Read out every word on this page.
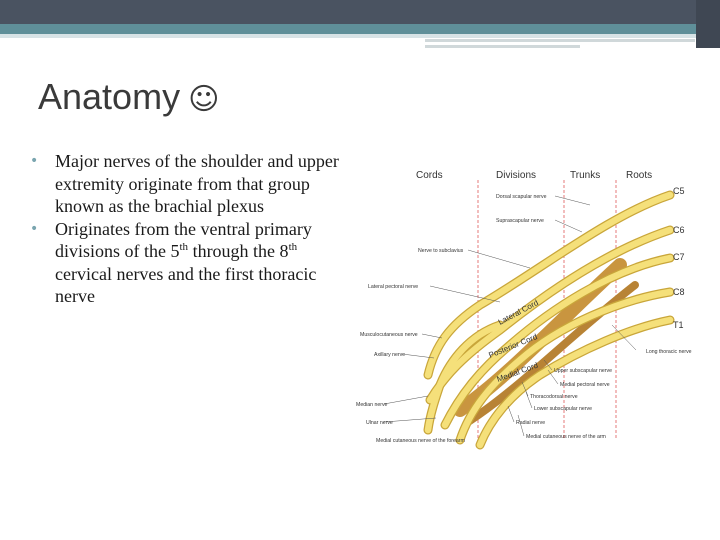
Anatomy ☺
• Major nerves of the shoulder and upper extremity originate from that group known as the brachial plexus
• Originates from the ventral primary divisions of the 5th through the 8th cervical nerves and the first thoracic nerve
Cords	Divisions	Trunks	Roots
C5
C6
C7
C8
T1
Lateral Cord
Posterior Cord
Medial Cord
Dorsal scapular nerve
Suprascapular nerve
Nerve to subclavius
Lateral pectoral nerve
Musculocutaneous nerve
Axillary nerve
Median nerve
Ulnar nerve
Medial cutaneous nerve of the forearm
Long thoracic nerve
Upper subscapular nerve
Medial pectoral nerve
Thoracodorsal nerve
Lower subscapular nerve
Radial nerve
Medial cutaneous nerve of the arm
